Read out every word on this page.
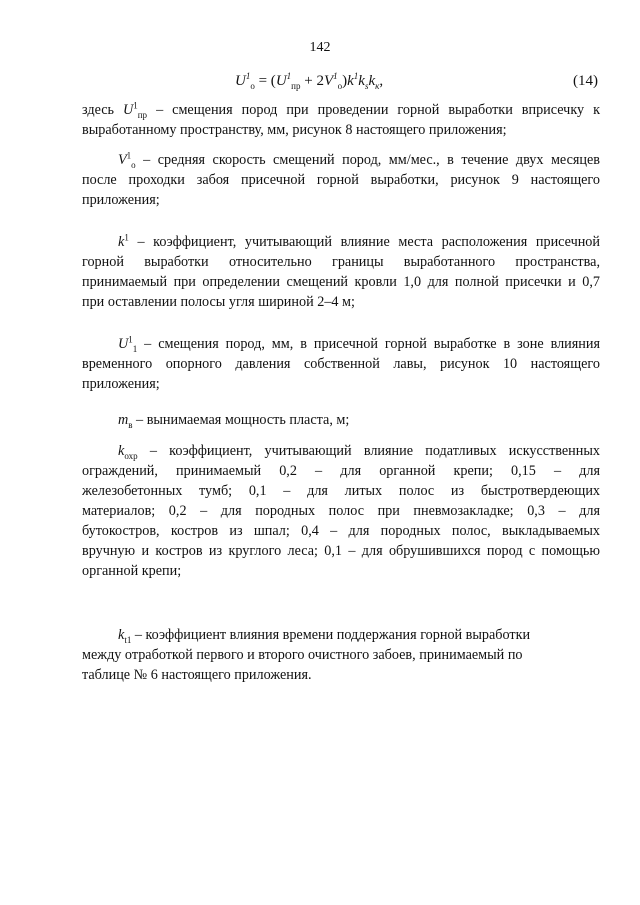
142
$U^1_o = (U^1_{пр} + 2V^1_о)k^1k_sk_к$,	(14)
здесь $U^1_{пр}$ – смещения пород при проведении горной выработки вприсечку к
выработанному пространству, мм, рисунок 8 настоящего приложения;
$V^1_о$ – средняя скорость смещений пород, мм/мес., в течение двух месяцев
после проходки забоя присечной горной выработки, рисунок 9 настоящего
приложения;
$k^1$ – коэффициент, учитывающий влияние места расположения присечной
горной выработки относительно границы выработанного пространства,
принимаемый при определении смещений кровли 1,0 для полной присечки и 0,7
при оставлении полосы угля шириной 2–4 м;
$U^1_1$ – смещения пород, мм, в присечной горной выработке в зоне влияния
временного опорного давления собственной лавы, рисунок 10 настоящего
приложения;
$m_в$ – вынимаемая мощность пласта, м;
$k_{охр}$ – коэффициент, учитывающий влияние податливых искусственных
ограждений, принимаемый 0,2 – для органной крепи; 0,15 – для
железобетонных тумб; 0,1 – для литых полос из быстротвердеющих
материалов; 0,2 – для породных полос при пневмозакладке; 0,3 – для
бутокостров, костров из шпал; 0,4 – для породных полос, выкладываемых
вручную и костров из круглого леса; 0,1 – для обрушившихся пород с помощью
органной крепи;
$k_{t1}$ – коэффициент влияния времени поддержания горной выработки
между отработкой первого и второго очистного забоев, принимаемый по
таблице № 6 настоящего приложения.
